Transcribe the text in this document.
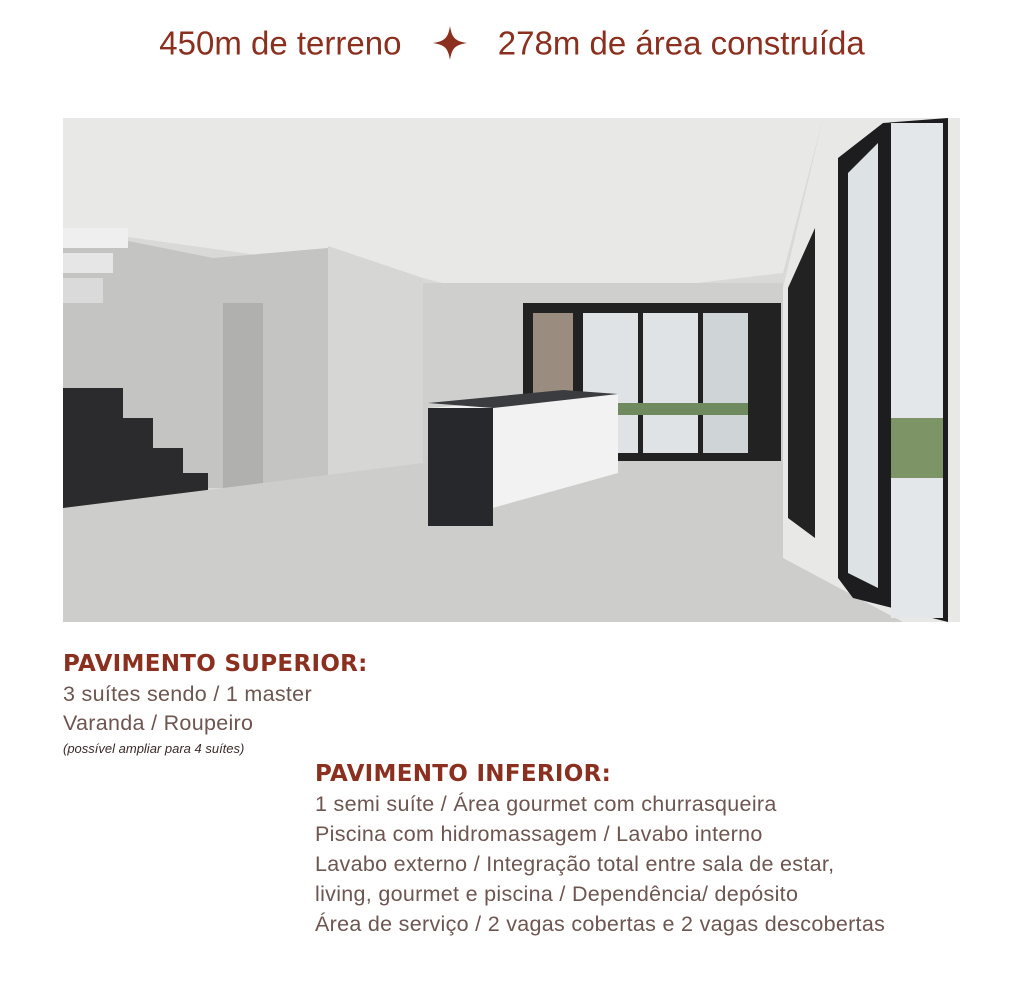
450m de terreno	278m de área construída
PAVIMENTO SUPERIOR:
3 suítes sendo / 1 master
Varanda / Roupeiro
(possível ampliar para 4 suítes)
PAVIMENTO INFERIOR:
1 semi suíte / Área gourmet com churrasqueira
Piscina com hidromassagem / Lavabo interno
Lavabo externo / Integração total entre sala de estar,
living, gourmet e piscina / Dependência/ depósito
Área de serviço / 2 vagas cobertas e 2 vagas descobertas
